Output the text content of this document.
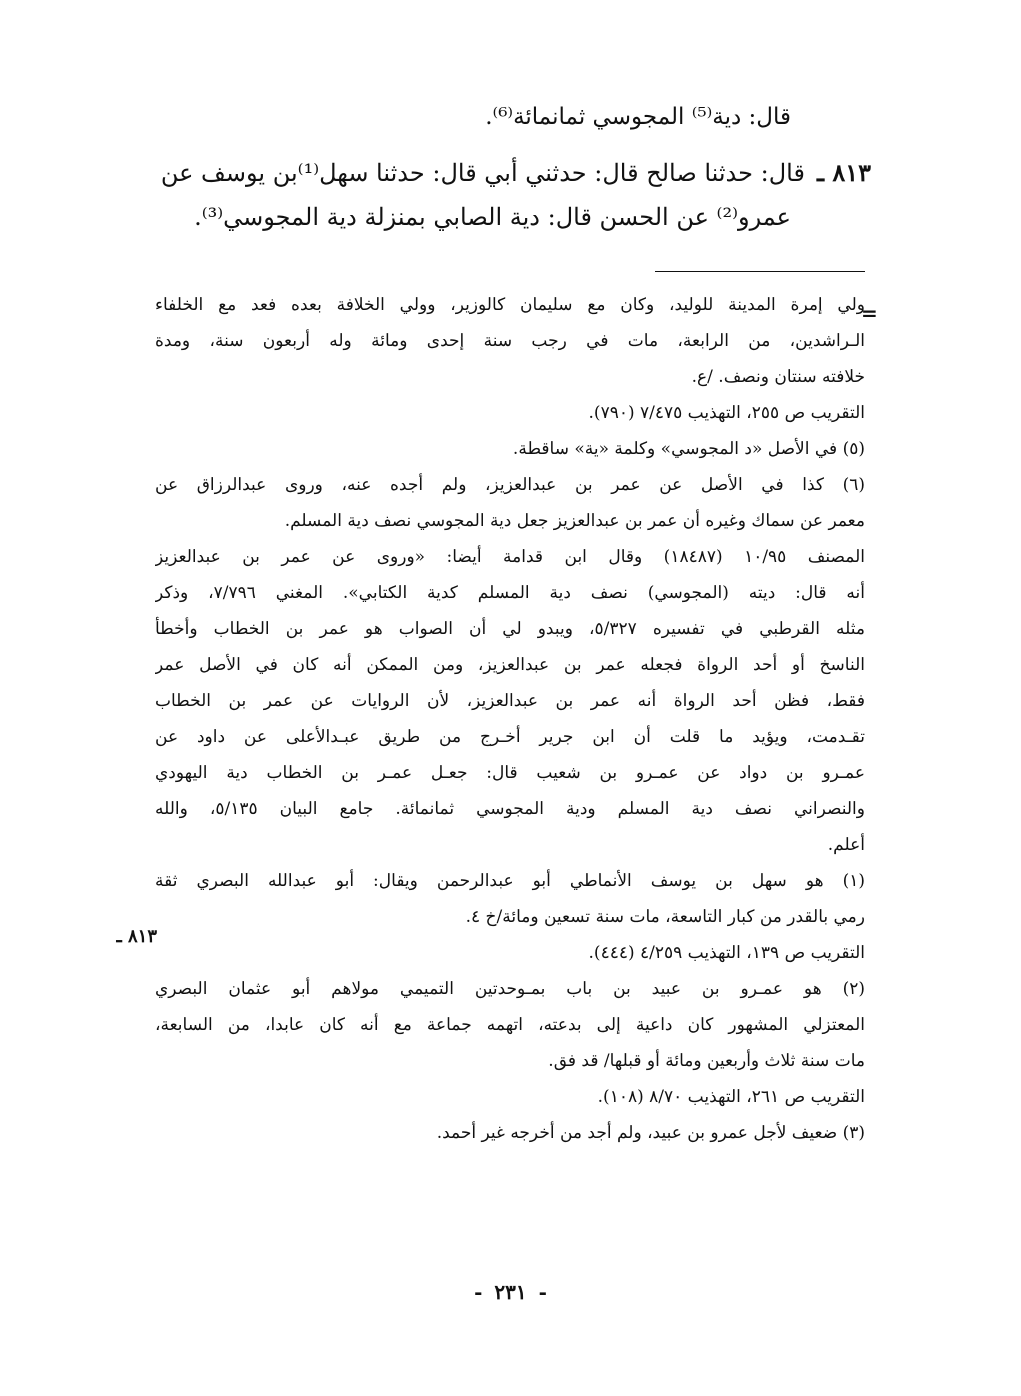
قال: دية⁽⁵⁾ المجوسي ثمانمائة⁽⁶⁾.
٨١٣ ـقال: حدثنا صالح قال: حدثني أبي قال: حدثنا سهل⁽¹⁾بن يوسف عن
عمرو⁽²⁾ عن الحسن قال: دية الصابي بمنزلة دية المجوسي⁽³⁾.
=
ولي إمرة المدينة للوليد، وكان مع سليمان كالوزير، وولي الخلافة بعده فعد مع الخلفاء
الـراشدين، من الرابعة، مات في رجب سنة إحدى ومائة وله أربعون سنة، ومدة
خلافته سنتان ونصف. /ع.
التقريب ص ٢٥٥، التهذيب ٧/٤٧٥ (٧٩٠).
(٥) في الأصل «د المجوسي» وكلمة «ية» ساقطة.
(٦) كذا في الأصل عن عمر بن عبدالعزيز، ولم أجده عنه، وروى عبدالرزاق عن
معمر عن سماك وغيره أن عمر بن عبدالعزيز جعل دية المجوسي نصف دية المسلم.
المصنف ١٠/٩٥ (١٨٤٨٧) وقال ابن قدامة أيضا: «وروى عن عمر بن عبدالعزيز
أنه قال: ديته (المجوسي) نصف دية المسلم كدية الكتابي». المغني ٧/٧٩٦، وذكر
مثله القرطبي في تفسيره ٥/٣٢٧، ويبدو لي أن الصواب هو عمر بن الخطاب وأخطأ
الناسخ أو أحد الرواة فجعله عمر بن عبدالعزيز، ومن الممكن أنه كان في الأصل عمر
فقط، فظن أحد الرواة أنه عمر بن عبدالعزيز، لأن الروايات عن عمر بن الخطاب
تقـدمت، ويؤيد ما قلت أن ابن جرير أخـرج من طريق عبـدالأعلى عن داود عن
عمـرو بن دواد عن عمـرو بن شعيب قال: جعـل عمـر بن الخطاب دية اليهودي
والنصراني نصف دية المسلم ودية المجوسي ثمانمائة. جامع البيان ٥/١٣٥، والله
أعلم.
(١) هو سهل بن يوسف الأنماطي أبو عبدالرحمن ويقال: أبو عبدالله البصري ثقة
رمي بالقدر من كبار التاسعة، مات سنة تسعين ومائة/خ ٤.
التقريب ص ١٣٩، التهذيب ٤/٢٥٩ (٤٤٤).
(٢) هو عمـرو بن عبيد بن باب بمـوحدتين التميمي مولاهم أبو عثمان البصري
المعتزلي المشهور كان داعية إلى بدعته، اتهمه جماعة مع أنه كان عابدا، من السابعة،
مات سنة ثلاث وأربعين ومائة أو قبلها/ قد فق.
التقريب ص ٢٦١، التهذيب ٨/٧٠ (١٠٨).
(٣) ضعيف لأجل عمرو بن عبيد، ولم أجد من أخرجه غير أحمد.
٨١٣ ـ
-٢٣١-
